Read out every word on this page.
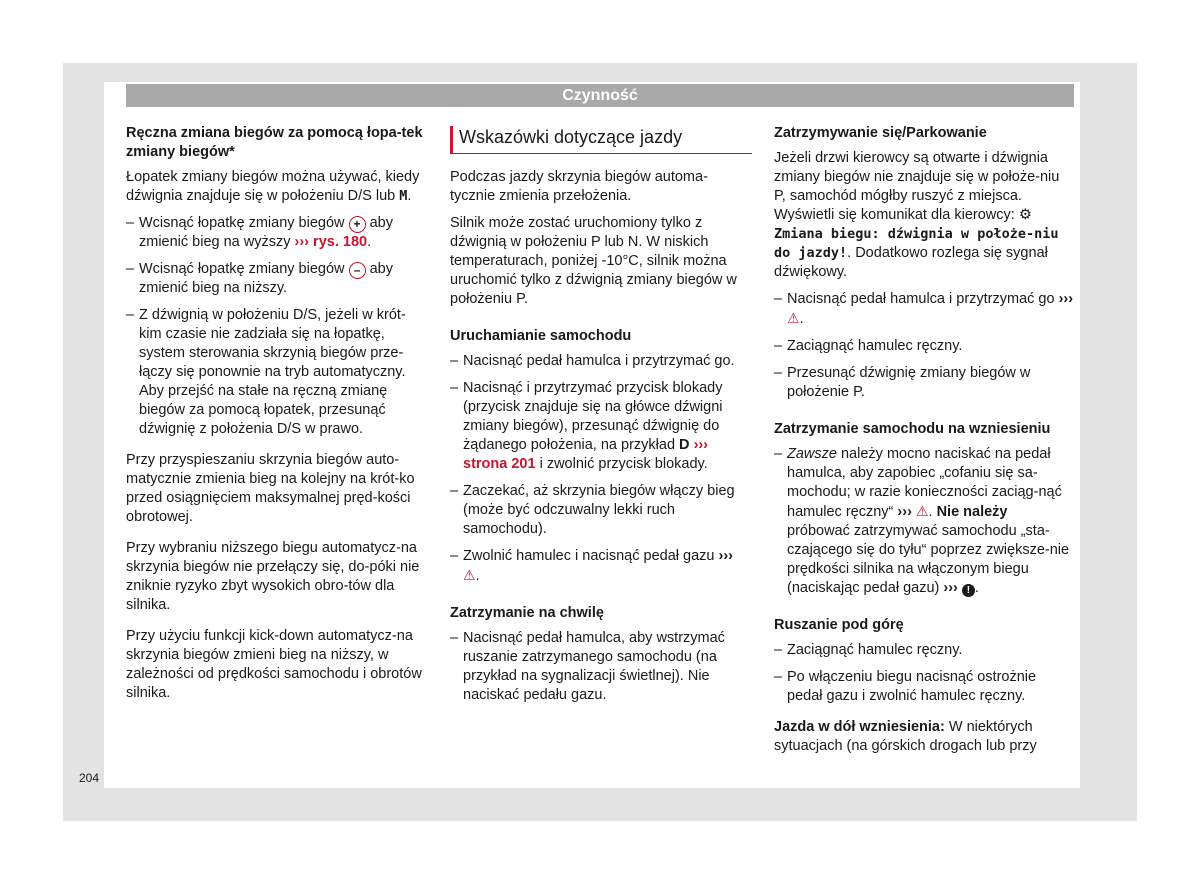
Czynność

Ręczna zmiana biegów za pomocą łopa-tek zmiany biegów*

Łopatek zmiany biegów można używać, kiedy dźwignia znajduje się w położeniu D/S lub M.

– Wcisnąć łopatkę zmiany biegów + aby zmienić bieg na wyższy ››› rys. 180.
– Wcisnąć łopatkę zmiany biegów – aby zmienić bieg na niższy.
– Z dźwignią w położeniu D/S, jeżeli w krót-kim czasie nie zadziała się na łopatkę, system sterowania skrzynią biegów prze-łączy się ponownie na tryb automatyczny. Aby przejść na stałe na ręczną zmianę biegów za pomocą łopatek, przesunąć dźwignię z położenia D/S w prawo.

Przy przyspieszaniu skrzynia biegów auto-matycznie zmienia bieg na kolejny na krót-ko przed osiągnięciem maksymalnej pręd-kości obrotowej.

Przy wybraniu niższego biegu automatycz-na skrzynia biegów nie przełączy się, do-póki nie zniknie ryzyko zbyt wysokich obro-tów dla silnika.

Przy użyciu funkcji kick-down automatycz-na skrzynia biegów zmieni bieg na niższy, w zależności od prędkości samochodu i obrotów silnika.

Wskazówki dotyczące jazdy

Podczas jazdy skrzynia biegów automa-tycznie zmienia przełożenia.

Silnik może zostać uruchomiony tylko z dźwignią w położeniu P lub N. W niskich temperaturach, poniżej -10°C, silnik można uruchomić tylko z dźwignią zmiany biegów w położeniu P.

Uruchamianie samochodu

– Nacisnąć pedał hamulca i przytrzymać go.
– Nacisnąć i przytrzymać przycisk blokady (przycisk znajduje się na główce dźwigni zmiany biegów), przesunąć dźwignię do żądanego położenia, na przykład D ››› strona 201 i zwolnić przycisk blokady.
– Zaczekać, aż skrzynia biegów włączy bieg (może być odczuwalny lekki ruch samochodu).
– Zwolnić hamulec i nacisnąć pedał gazu ››› ⚠.

Zatrzymanie na chwilę

– Nacisnąć pedał hamulca, aby wstrzymać ruszanie zatrzymanego samochodu (na przykład na sygnalizacji świetlnej). Nie naciskać pedału gazu.

Zatrzymywanie się/Parkowanie

Jeżeli drzwi kierowcy są otwarte i dźwignia zmiany biegów nie znajduje się w położe-niu P, samochód mógłby ruszyć z miejsca. Wyświetli się komunikat dla kierowcy: ⚙ Zmiana biegu: dźwignia w położe-niu do jazdy!. Dodatkowo rozlega się sygnał dźwiękowy.

– Nacisnąć pedał hamulca i przytrzymać go ››› ⚠.
– Zaciągnąć hamulec ręczny.
– Przesunąć dźwignię zmiany biegów w położenie P.

Zatrzymanie samochodu na wzniesieniu

– Zawsze należy mocno naciskać na pedał hamulca, aby zapobiec „cofaniu się sa-mochodu; w razie konieczności zaciąg-nąć hamulec ręczny“ ››› ⚠. Nie należy próbować zatrzymywać samochodu „sta-czającego się do tyłu“ poprzez zwiększe-nie prędkości silnika na włączonym biegu (naciskając pedał gazu) ››› ! .

Ruszanie pod górę

– Zaciągnąć hamulec ręczny.
– Po włączeniu biegu nacisnąć ostrożnie pedał gazu i zwolnić hamulec ręczny.

Jazda w dół wzniesienia: W niektórych sytuacjach (na górskich drogach lub przy

204
